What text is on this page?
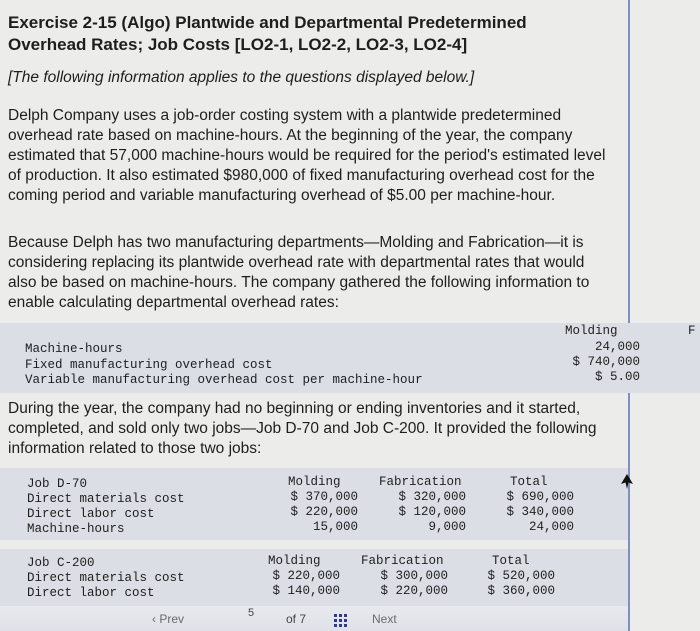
Exercise 2-15 (Algo) Plantwide and Departmental Predetermined Overhead Rates; Job Costs [LO2-1, LO2-2, LO2-3, LO2-4]
[The following information applies to the questions displayed below.]
Delph Company uses a job-order costing system with a plantwide predetermined overhead rate based on machine-hours. At the beginning of the year, the company estimated that 57,000 machine-hours would be required for the period's estimated level of production. It also estimated $980,000 of fixed manufacturing overhead cost for the coming period and variable manufacturing overhead of $5.00 per machine-hour.
Because Delph has two manufacturing departments—Molding and Fabrication—it is considering replacing its plantwide overhead rate with departmental rates that would also be based on machine-hours. The company gathered the following information to enable calculating departmental overhead rates:
Molding	F
Machine-hours	24,000
Fixed manufacturing overhead cost	$ 740,000
Variable manufacturing overhead cost per machine-hour	$ 5.00
During the year, the company had no beginning or ending inventories and it started, completed, and sold only two jobs—Job D-70 and Job C-200. It provided the following information related to those two jobs:
Job D-70	Molding	Fabrication	Total
Direct materials cost	$ 370,000	$ 320,000	$ 690,000
Direct labor cost	$ 220,000	$ 120,000	$ 340,000
Machine-hours	15,000	9,000	24,000
Job C-200	Molding	Fabrication	Total
Direct materials cost	$ 220,000	$ 300,000	$ 520,000
Direct labor cost	$ 140,000	$ 220,000	$ 360,000
‹ Prev	5	of 7	Next
